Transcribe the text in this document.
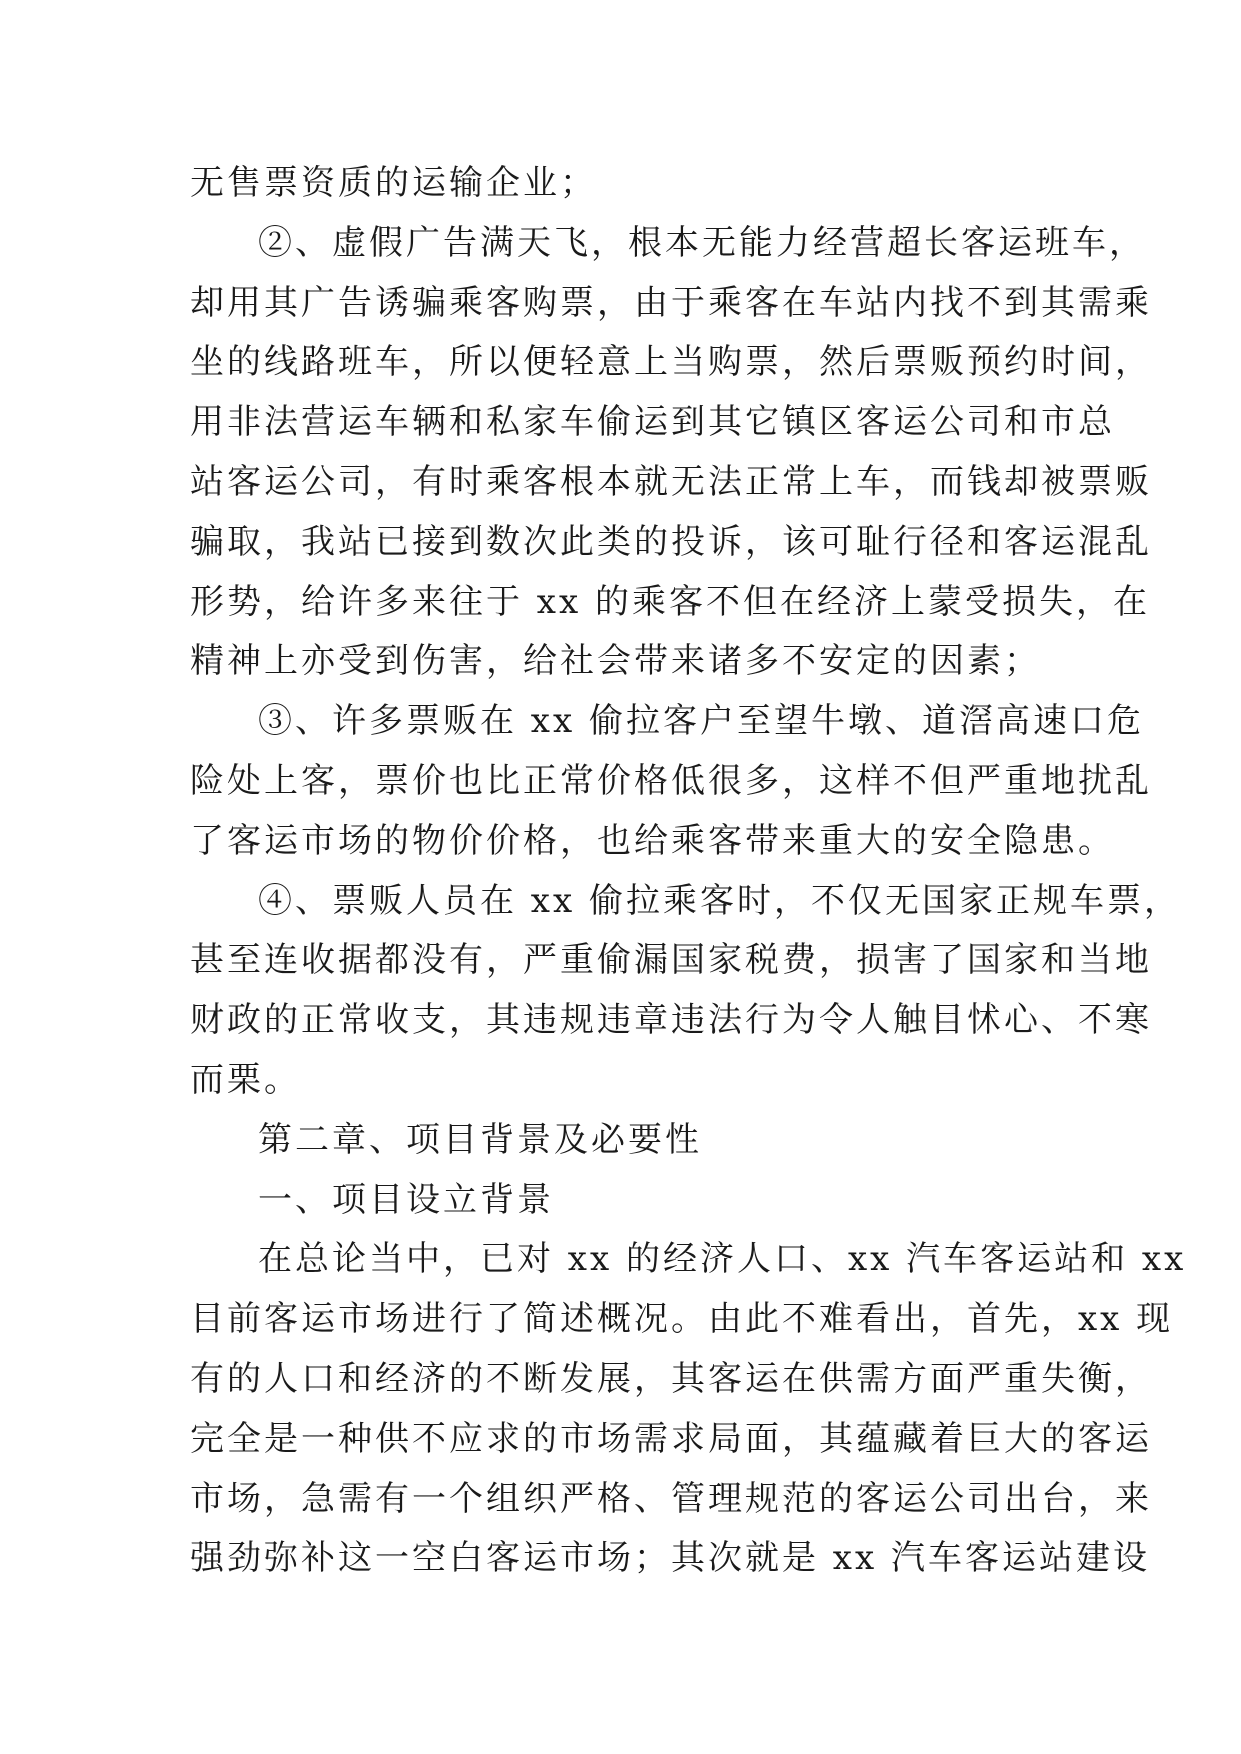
无售票资质的运输企业；
②、虚假广告满天飞，根本无能力经营超长客运班车，
却用其广告诱骗乘客购票，由于乘客在车站内找不到其需乘
坐的线路班车，所以便轻意上当购票，然后票贩预约时间，
用非法营运车辆和私家车偷运到其它镇区客运公司和市总
站客运公司，有时乘客根本就无法正常上车，而钱却被票贩
骗取，我站已接到数次此类的投诉，该可耻行径和客运混乱
形势，给许多来往于 xx 的乘客不但在经济上蒙受损失，在
精神上亦受到伤害，给社会带来诸多不安定的因素；
③、许多票贩在 xx 偷拉客户至望牛墩、道滘高速口危
险处上客，票价也比正常价格低很多，这样不但严重地扰乱
了客运市场的物价价格，也给乘客带来重大的安全隐患。
④、票贩人员在 xx 偷拉乘客时，不仅无国家正规车票，
甚至连收据都没有，严重偷漏国家税费，损害了国家和当地
财政的正常收支，其违规违章违法行为令人触目怵心、不寒
而栗。
第二章、项目背景及必要性
一、项目设立背景
在总论当中，已对 xx 的经济人口、xx 汽车客运站和 xx
目前客运市场进行了简述概况。由此不难看出，首先，xx 现
有的人口和经济的不断发展，其客运在供需方面严重失衡，
完全是一种供不应求的市场需求局面，其蕴藏着巨大的客运
市场，急需有一个组织严格、管理规范的客运公司出台，来
强劲弥补这一空白客运市场；其次就是 xx 汽车客运站建设
